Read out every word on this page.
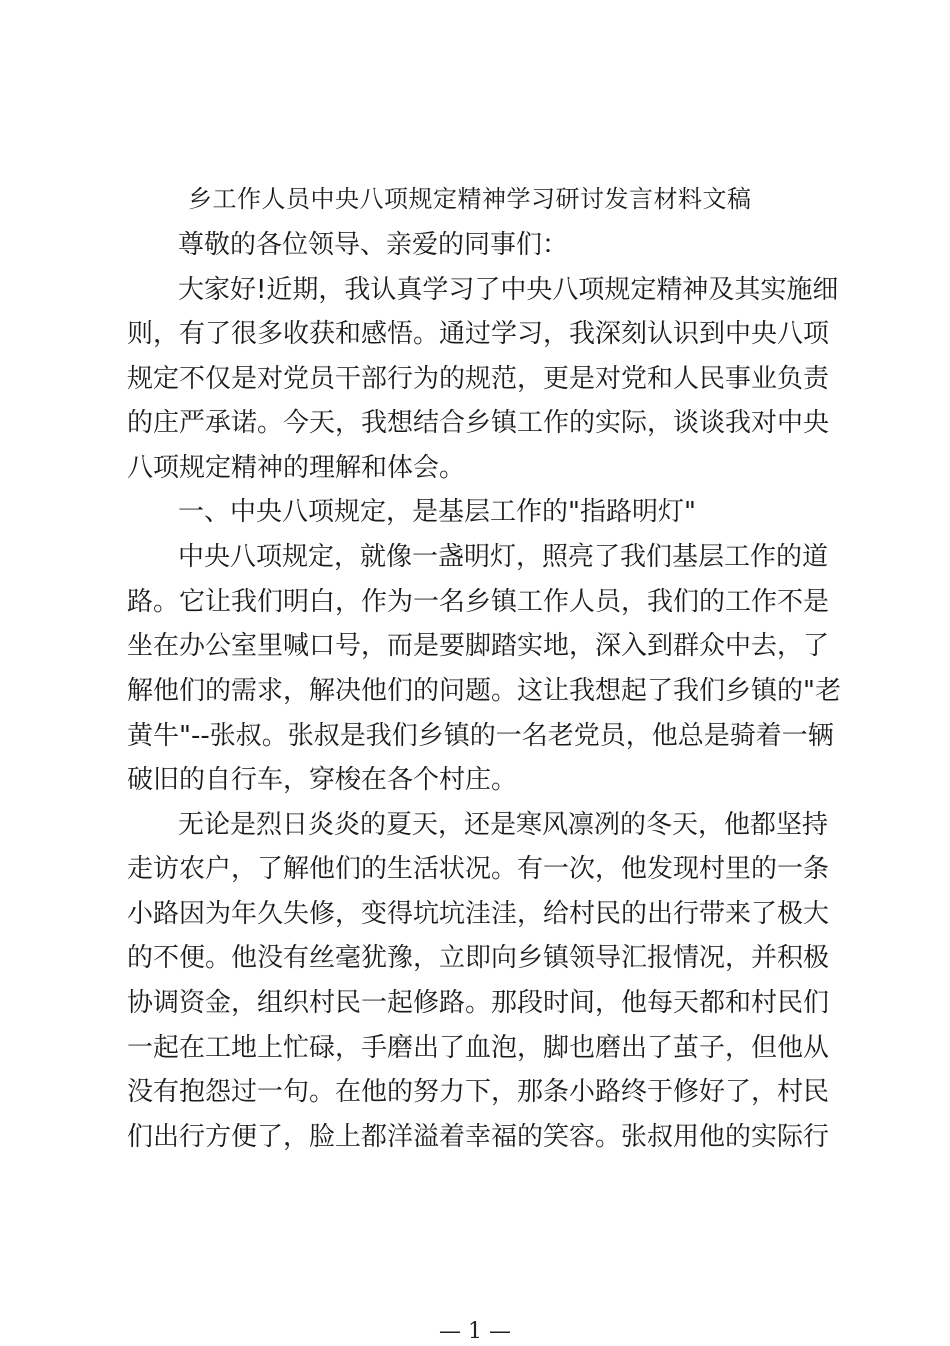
乡工作人员中央八项规定精神学习研讨发言材料文稿
尊敬的各位领导、亲爱的同事们：
大家好!近期，我认真学习了中央八项规定精神及其实施细
则，有了很多收获和感悟。通过学习，我深刻认识到中央八项
规定不仅是对党员干部行为的规范，更是对党和人民事业负责
的庄严承诺。今天，我想结合乡镇工作的实际，谈谈我对中央
八项规定精神的理解和体会。
一、中央八项规定，是基层工作的"指路明灯"
中央八项规定，就像一盏明灯，照亮了我们基层工作的道
路。它让我们明白，作为一名乡镇工作人员，我们的工作不是
坐在办公室里喊口号，而是要脚踏实地，深入到群众中去，了
解他们的需求，解决他们的问题。这让我想起了我们乡镇的"老
黄牛"--张叔。张叔是我们乡镇的一名老党员，他总是骑着一辆
破旧的自行车，穿梭在各个村庄。
无论是烈日炎炎的夏天，还是寒风凛冽的冬天，他都坚持
走访农户，了解他们的生活状况。有一次，他发现村里的一条
小路因为年久失修，变得坑坑洼洼，给村民的出行带来了极大
的不便。他没有丝毫犹豫，立即向乡镇领导汇报情况，并积极
协调资金，组织村民一起修路。那段时间，他每天都和村民们
一起在工地上忙碌，手磨出了血泡，脚也磨出了茧子，但他从
没有抱怨过一句。在他的努力下，那条小路终于修好了，村民
们出行方便了，脸上都洋溢着幸福的笑容。张叔用他的实际行
— 1 —
